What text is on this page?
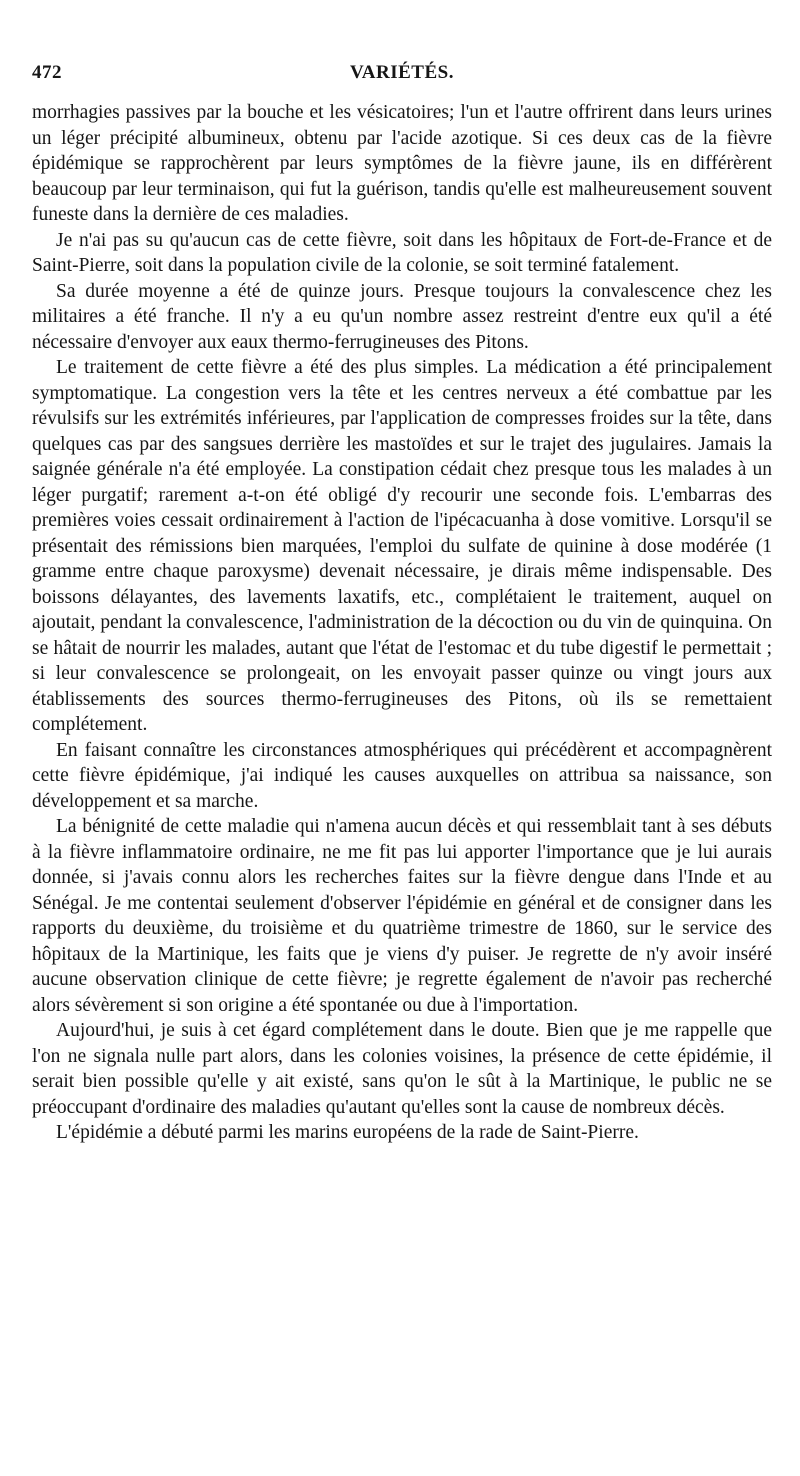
472	VARIÉTÉS.

morrhagies passives par la bouche et les vésicatoires; l'un et l'autre offrirent dans leurs urines un léger précipité albumineux, obtenu par l'acide azotique. Si ces deux cas de la fièvre épidémique se rapprochèrent par leurs symptômes de la fièvre jaune, ils en différèrent beaucoup par leur terminaison, qui fut la guérison, tandis qu'elle est malheureusement souvent funeste dans la dernière de ces maladies.

Je n'ai pas su qu'aucun cas de cette fièvre, soit dans les hôpitaux de Fort-de-France et de Saint-Pierre, soit dans la population civile de la colonie, se soit terminé fatalement.

Sa durée moyenne a été de quinze jours. Presque toujours la convalescence chez les militaires a été franche. Il n'y a eu qu'un nombre assez restreint d'entre eux qu'il a été nécessaire d'envoyer aux eaux thermo-ferrugineuses des Pitons.

Le traitement de cette fièvre a été des plus simples. La médication a été principalement symptomatique. La congestion vers la tête et les centres nerveux a été combattue par les révulsifs sur les extrémités inférieures, par l'application de compresses froides sur la tête, dans quelques cas par des sangsues derrière les mastoïdes et sur le trajet des jugulaires. Jamais la saignée générale n'a été employée. La constipation cédait chez presque tous les malades à un léger purgatif; rarement a-t-on été obligé d'y recourir une seconde fois. L'embarras des premières voies cessait ordinairement à l'action de l'ipécacuanha à dose vomitive. Lorsqu'il se présentait des rémissions bien marquées, l'emploi du sulfate de quinine à dose modérée (1 gramme entre chaque paroxysme) devenait nécessaire, je dirais même indispensable. Des boissons délayantes, des lavements laxatifs, etc., complétaient le traitement, auquel on ajoutait, pendant la convalescence, l'administration de la décoction ou du vin de quinquina. On se hâtait de nourrir les malades, autant que l'état de l'estomac et du tube digestif le permettait ; si leur convalescence se prolongeait, on les envoyait passer quinze ou vingt jours aux établissements des sources thermo-ferrugineuses des Pitons, où ils se remettaient complétement.

En faisant connaître les circonstances atmosphériques qui précédèrent et accompagnèrent cette fièvre épidémique, j'ai indiqué les causes auxquelles on attribua sa naissance, son développement et sa marche.

La bénignité de cette maladie qui n'amena aucun décès et qui ressemblait tant à ses débuts à la fièvre inflammatoire ordinaire, ne me fit pas lui apporter l'importance que je lui aurais donnée, si j'avais connu alors les recherches faites sur la fièvre dengue dans l'Inde et au Sénégal. Je me contentai seulement d'observer l'épidémie en général et de consigner dans les rapports du deuxième, du troisième et du quatrième trimestre de 1860, sur le service des hôpitaux de la Martinique, les faits que je viens d'y puiser. Je regrette de n'y avoir inséré aucune observation clinique de cette fièvre; je regrette également de n'avoir pas recherché alors sévèrement si son origine a été spontanée ou due à l'importation.

Aujourd'hui, je suis à cet égard complétement dans le doute. Bien que je me rappelle que l'on ne signala nulle part alors, dans les colonies voisines, la présence de cette épidémie, il serait bien possible qu'elle y ait existé, sans qu'on le sût à la Martinique, le public ne se préoccupant d'ordinaire des maladies qu'autant qu'elles sont la cause de nombreux décès.

L'épidémie a débuté parmi les marins européens de la rade de Saint-Pierre.
